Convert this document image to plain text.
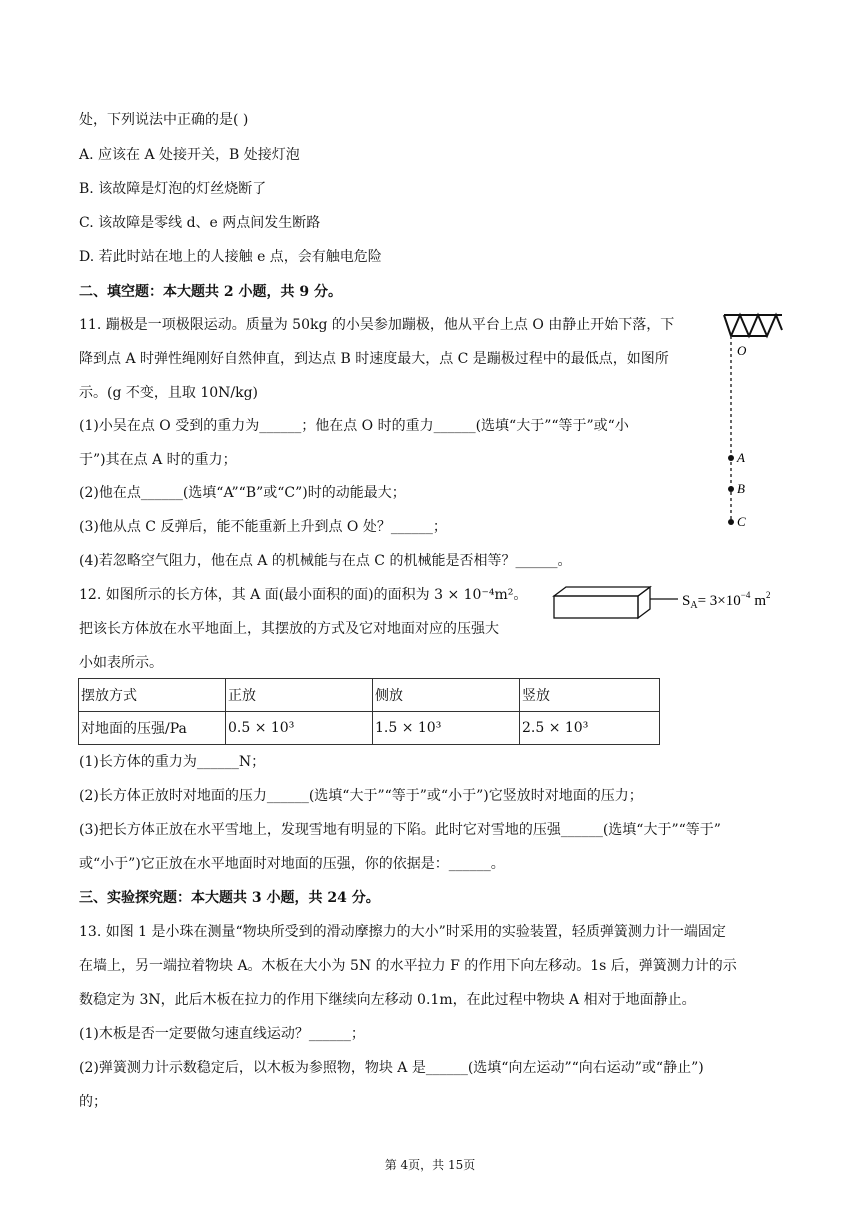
处，下列说法中正确的是( )
A. 应该在 A 处接开关，B 处接灯泡
B. 该故障是灯泡的灯丝烧断了
C. 该故障是零线 d、e 两点间发生断路
D. 若此时站在地上的人接触 e 点，会有触电危险
二、填空题：本大题共 2 小题，共 9 分。
11. 蹦极是一项极限运动。质量为 50kg 的小吴参加蹦极，他从平台上点 O 由静止开始下落，下
降到点 A 时弹性绳刚好自然伸直，到达点 B 时速度最大，点 C 是蹦极过程中的最低点，如图所
示。(g 不变，且取 10N/kg)
(1)小吴在点 O 受到的重力为______；他在点 O 时的重力______(选填“大于”“等于”或“小
于”)其在点 A 时的重力；
(2)他在点______(选填“A”“B”或“C”)时的动能最大；
(3)他从点 C 反弹后，能不能重新上升到点 O 处？______；
(4)若忽略空气阻力，他在点 A 的机械能与在点 C 的机械能是否相等？______。
O
A
B
C
12. 如图所示的长方体，其 A 面(最小面积的面)的面积为 3 × 10⁻⁴m²。
把该长方体放在水平地面上，其摆放的方式及它对地面对应的压强大
小如表所示。
$S_A= 3\times 10^{-4}$ $m^2$
摆放方式	正放	侧放	竖放
对地面的压强/Pa	0.5 × 10³	1.5 × 10³	2.5 × 10³
(1)长方体的重力为______N；
(2)长方体正放时对地面的压力______(选填“大于”“等于”或“小于”)它竖放时对地面的压力；
(3)把长方体正放在水平雪地上，发现雪地有明显的下陷。此时它对雪地的压强______(选填“大于”“等于”
或“小于”)它正放在水平地面时对地面的压强，你的依据是：______。
三、实验探究题：本大题共 3 小题，共 24 分。
13. 如图 1 是小珠在测量“物块所受到的滑动摩擦力的大小”时采用的实验装置，轻质弹簧测力计一端固定
在墙上，另一端拉着物块 A。木板在大小为 5N 的水平拉力 F 的作用下向左移动。1s 后，弹簧测力计的示
数稳定为 3N，此后木板在拉力的作用下继续向左移动 0.1m，在此过程中物块 A 相对于地面静止。
(1)木板是否一定要做匀速直线运动？______；
(2)弹簧测力计示数稳定后，以木板为参照物，物块 A 是______(选填“向左运动”“向右运动”或“静止”)
的；
第 4页，共 15页
